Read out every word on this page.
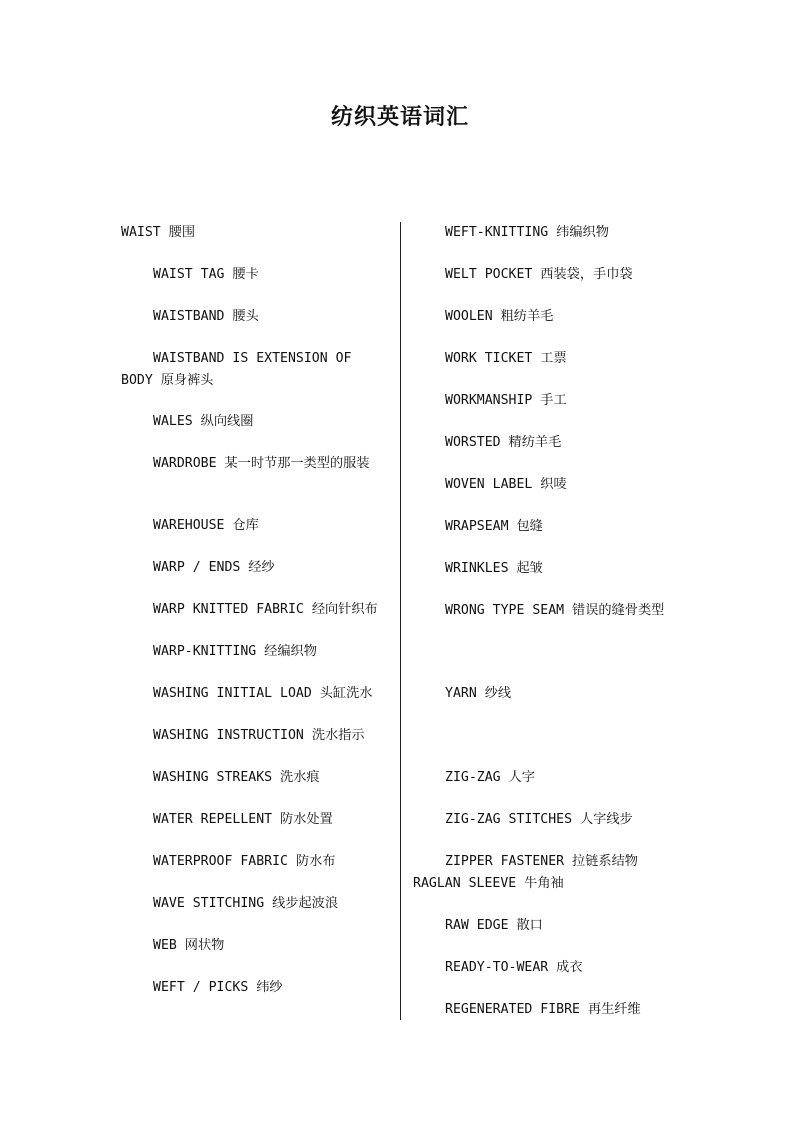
纺织英语词汇
WAIST 腰围
WAIST TAG 腰卡
WAISTBAND 腰头
WAISTBAND IS EXTENSION OF BODY 原身裤头
WALES 纵向线圈
WARDROBE 某一时节那一类型的服装
WAREHOUSE 仓库
WARP / ENDS 经纱
WARP KNITTED FABRIC 经向针织布
WARP-KNITTING 经编织物
WASHING INITIAL LOAD 头缸洗水
WASHING INSTRUCTION 洗水指示
WASHING STREAKS 洗水痕
WATER REPELLENT 防水处置
WATERPROOF FABRIC 防水布
WAVE STITCHING 线步起波浪
WEB 网状物
WEFT / PICKS 纬纱
WEFT-KNITTING 纬编织物
WELT POCKET 西装袋，手巾袋
WOOLEN 粗纺羊毛
WORK TICKET 工票
WORKMANSHIP 手工
WORSTED 精纺羊毛
WOVEN LABEL 织唛
WRAPSEAM 包缝
WRINKLES 起皱
WRONG TYPE SEAM 错误的缝骨类型
YARN 纱线
ZIG-ZAG 人字
ZIG-ZAG STITCHES 人字线步
ZIPPER FASTENER 拉链系结物
RAGLAN SLEEVE 牛角袖
RAW EDGE 散口
READY-TO-WEAR 成衣
REGENERATED FIBRE 再生纤维
